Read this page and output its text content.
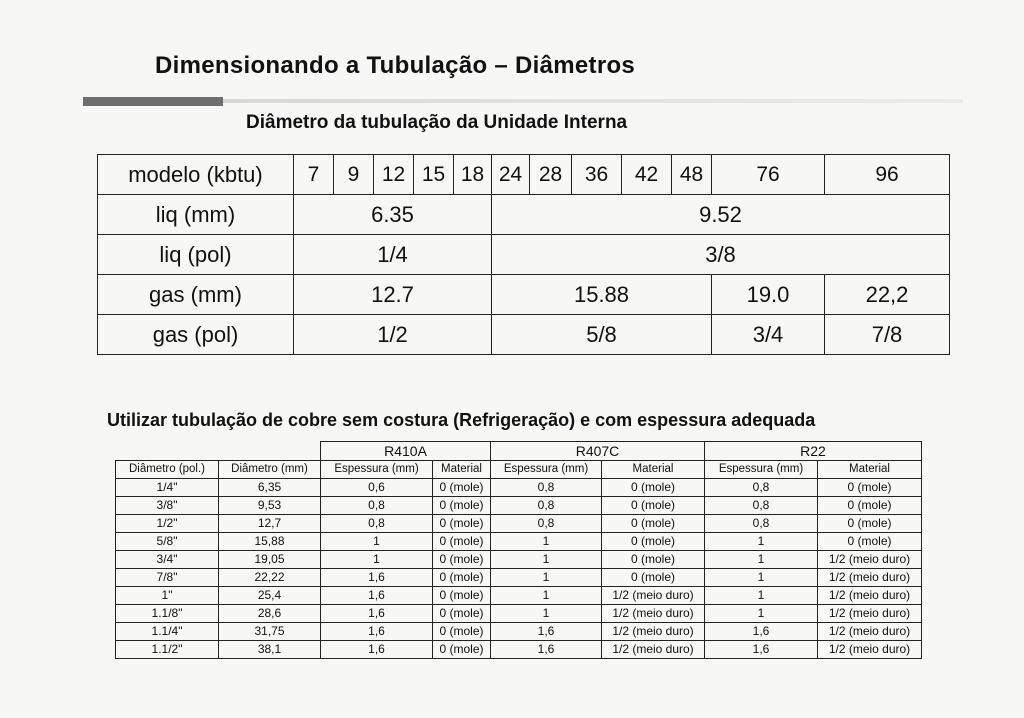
Dimensionando a Tubulação – Diâmetros
Diâmetro da tubulação da Unidade Interna
modelo (kbtu)	7	9	12	15	18	24	28	36	42	48	76	96
liq (mm)	6.35					9.52						
liq (pol)	1/4					3/8						
gas (mm)	12.7					15.88					19.0	22,2
gas (pol)	1/2					5/8					3/4	7/8
Utilizar tubulação de cobre sem costura (Refrigeração) e com espessura adequada
		R410A		R407C		R22	
Diâmetro (pol.)	Diâmetro (mm)	Espessura (mm)	Material	Espessura (mm)	Material	Espessura (mm)	Material
1/4"	6,35	0,6	0 (mole)	0,8	0 (mole)	0,8	0 (mole)
3/8"	9,53	0,8	0 (mole)	0,8	0 (mole)	0,8	0 (mole)
1/2"	12,7	0,8	0 (mole)	0,8	0 (mole)	0,8	0 (mole)
5/8"	15,88	1	0 (mole)	1	0 (mole)	1	0 (mole)
3/4"	19,05	1	0 (mole)	1	0 (mole)	1	1/2 (meio duro)
7/8"	22,22	1,6	0 (mole)	1	0 (mole)	1	1/2 (meio duro)
1"	25,4	1,6	0 (mole)	1	1/2 (meio duro)	1	1/2 (meio duro)
1.1/8"	28,6	1,6	0 (mole)	1	1/2 (meio duro)	1	1/2 (meio duro)
1.1/4"	31,75	1,6	0 (mole)	1,6	1/2 (meio duro)	1,6	1/2 (meio duro)
1.1/2"	38,1	1,6	0 (mole)	1,6	1/2 (meio duro)	1,6	1/2 (meio duro)
